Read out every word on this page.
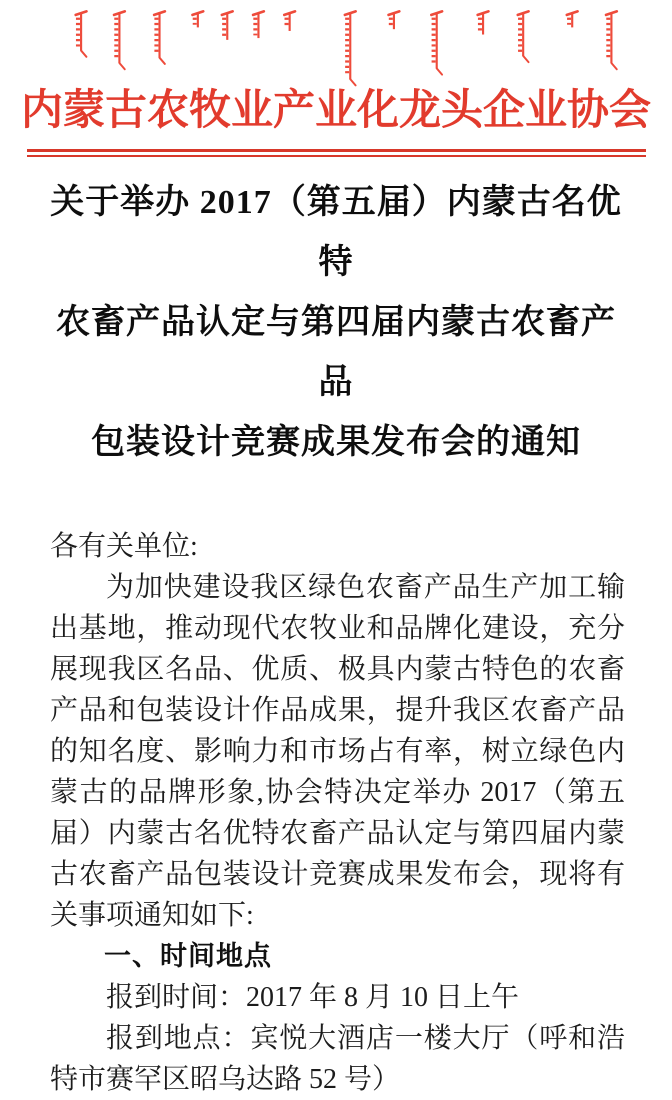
内蒙古农牧业产业化龙头企业协会
关于举办 2017（第五届）内蒙古名优特
农畜产品认定与第四届内蒙古农畜产品
包装设计竞赛成果发布会的通知

各有关单位:

为加快建设我区绿色农畜产品生产加工输出基地，推动现代农牧业和品牌化建设，充分展现我区名品、优质、极具内蒙古特色的农畜产品和包装设计作品成果，提升我区农畜产品的知名度、影响力和市场占有率，树立绿色内蒙古的品牌形象,协会特决定举办 2017（第五届）内蒙古名优特农畜产品认定与第四届内蒙古农畜产品包装设计竞赛成果发布会，现将有关事项通知如下:

一、时间地点

报到时间：2017 年 8 月 10 日上午

报到地点：宾悦大酒店一楼大厅（呼和浩特市赛罕区昭乌达路 52 号）
